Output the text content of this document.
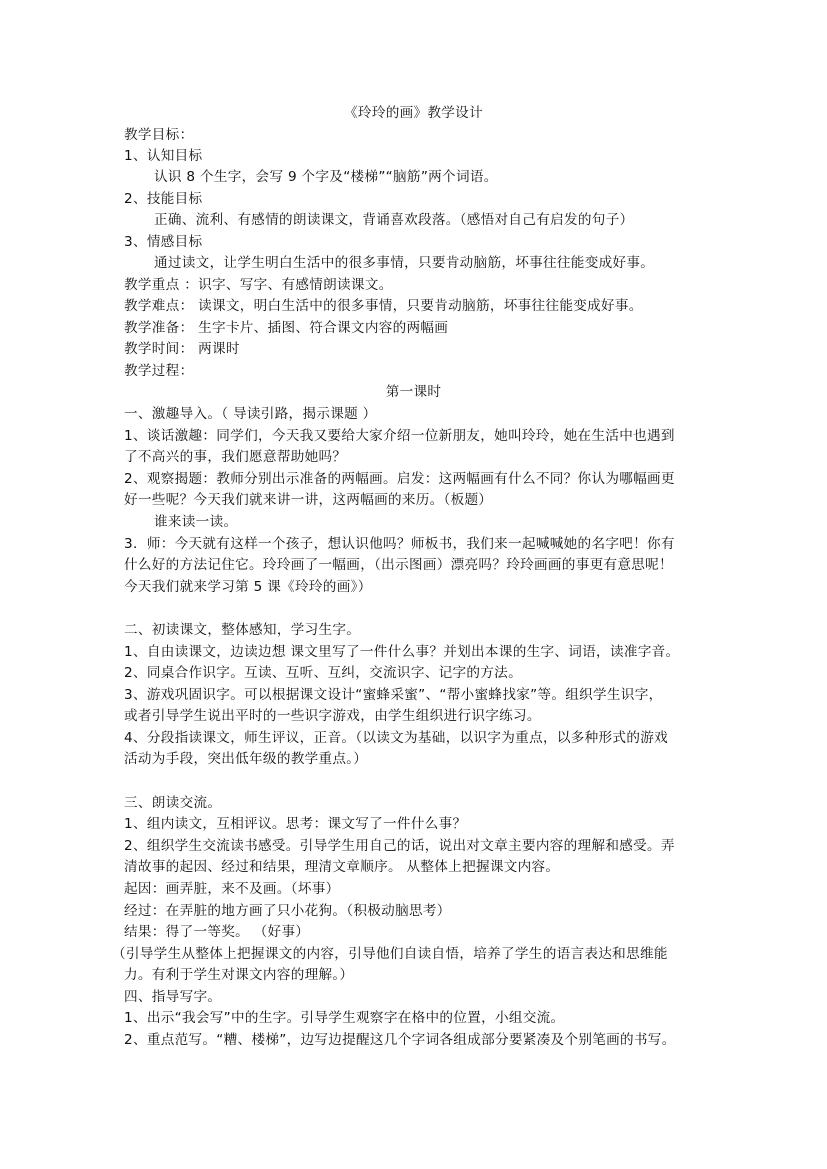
《玲玲的画》教学设计
教学目标：
1、认知目标
认识 8 个生字，会写 9 个字及“楼梯”“脑筋”两个词语。
2、技能目标
正确、流利、有感情的朗读课文，背诵喜欢段落。（感悟对自己有启发的句子）
3、情感目标
通过读文，让学生明白生活中的很多事情，只要肯动脑筋，坏事往往能变成好事。
教学重点 ：识字、写字、有感情朗读课文。
教学难点： 读课文，明白生活中的很多事情，只要肯动脑筋，坏事往往能变成好事。
教学准备： 生字卡片、插图、符合课文内容的两幅画
教学时间： 两课时
教学过程：
第一课时
一、激趣导入。（ 导读引路，揭示课题 ）
1、谈话激趣：同学们，今天我又要给大家介绍一位新朋友，她叫玲玲，她在生活中也遇到
了不高兴的事，我们愿意帮助她吗？
2、观察揭题：教师分别出示准备的两幅画。启发：这两幅画有什么不同？你认为哪幅画更
好一些呢？今天我们就来讲一讲，这两幅画的来历。（板题）
谁来读一读。
3．师：今天就有这样一个孩子，想认识他吗？师板书，我们来一起喊喊她的名字吧！你有
什么好的方法记住它。玲玲画了一幅画，（出示图画）漂亮吗？玲玲画画的事更有意思呢！
今天我们就来学习第 5 课《玲玲的画》）
二、初读课文，整体感知，学习生字。
1、自由读课文，边读边想 课文里写了一件什么事？并划出本课的生字、词语，读准字音。
2、同桌合作识字。互读、互听、互纠，交流识字、记字的方法。
3、游戏巩固识字。可以根据课文设计“蜜蜂采蜜”、“帮小蜜蜂找家”等。组织学生识字，
或者引导学生说出平时的一些识字游戏，由学生组织进行识字练习。
4、分段指读课文，师生评议，正音。（以读文为基础，以识字为重点，以多种形式的游戏
活动为手段，突出低年级的教学重点。）
三、朗读交流。
1、组内读文，互相评议。思考：课文写了一件什么事？
2、组织学生交流读书感受。引导学生用自己的话，说出对文章主要内容的理解和感受。弄
清故事的起因、经过和结果，理清文章顺序。 从整体上把握课文内容。
起因：画弄脏，来不及画。（坏事）
经过：在弄脏的地方画了只小花狗。（积极动脑思考）
结果：得了一等奖。 （好事）
（引导学生从整体上把握课文的内容，引导他们自读自悟，培养了学生的语言表达和思维能
力。有利于学生对课文内容的理解。）
四、指导写字。
1、出示“我会写”中的生字。引导学生观察字在格中的位置，小组交流。
2、重点范写。“糟、楼梯”，边写边提醒这几个字词各组成部分要紧凑及个别笔画的书写。
